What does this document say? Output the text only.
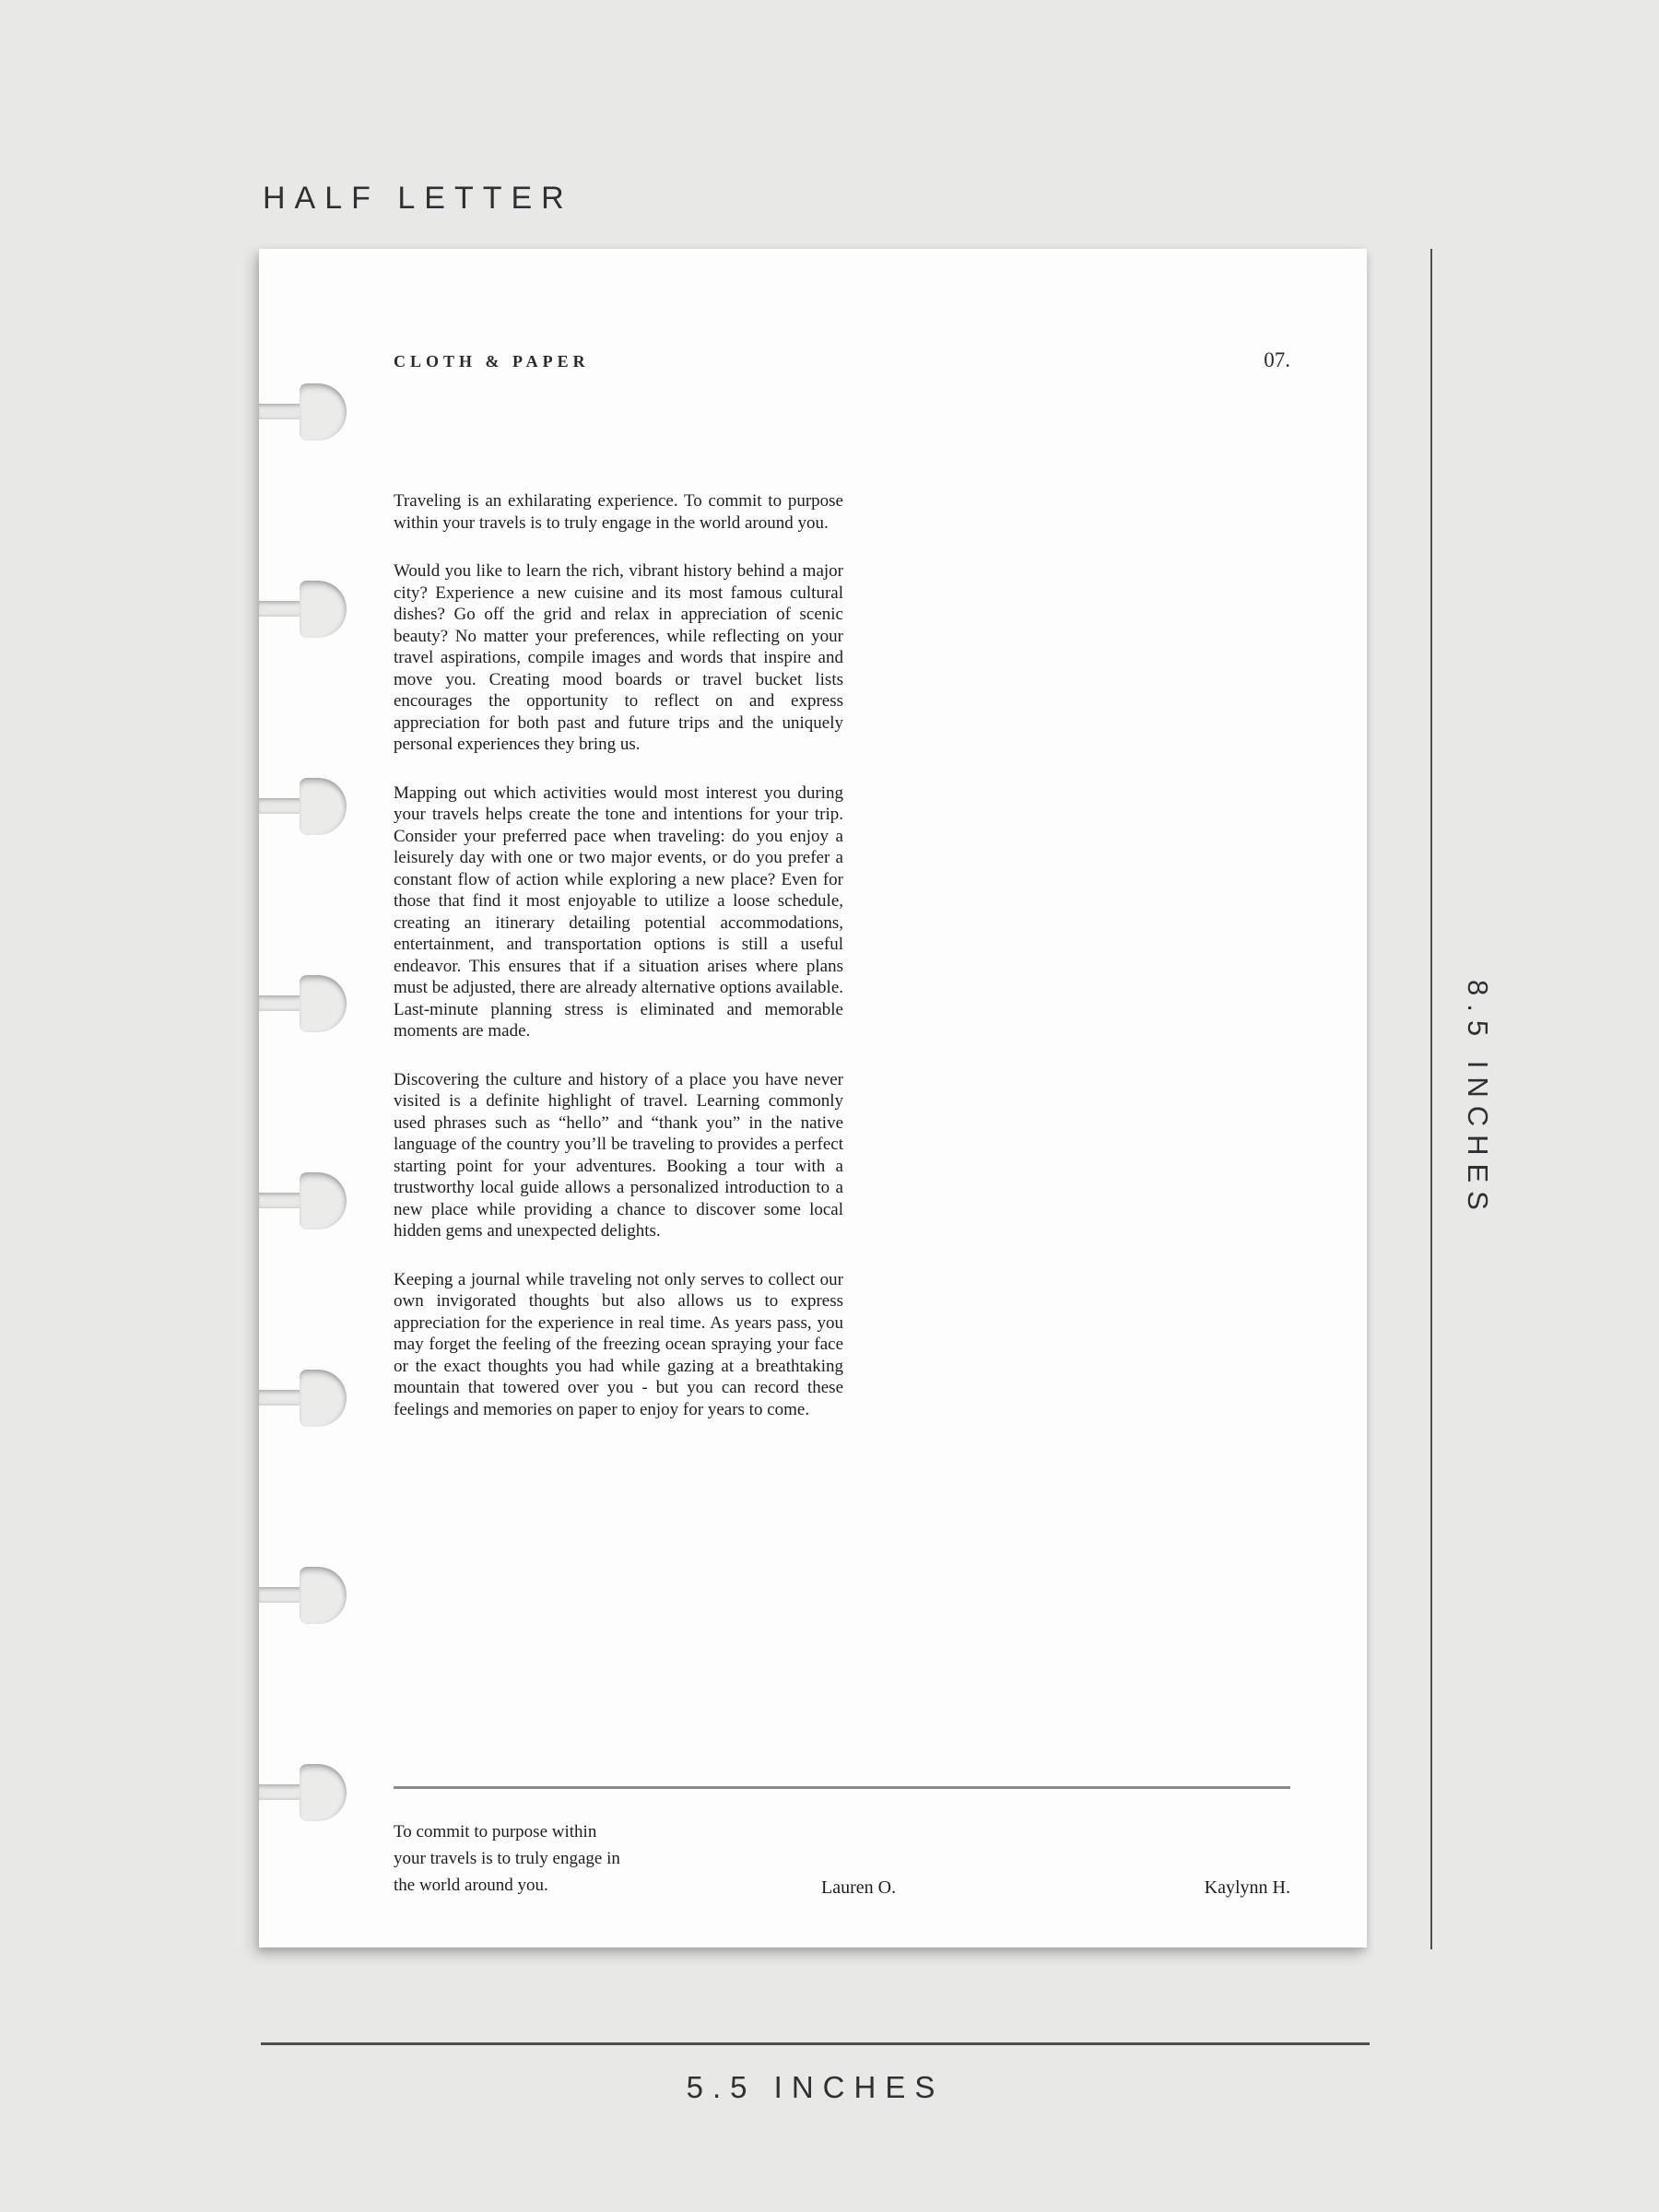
HALF LETTER
CLOTH & PAPER	07.

Traveling is an exhilarating experience. To commit to purpose within your travels is to truly engage in the world around you.

Would you like to learn the rich, vibrant history behind a major city? Experience a new cuisine and its most famous cultural dishes? Go off the grid and relax in appreciation of scenic beauty? No matter your preferences, while reflecting on your travel aspirations, compile images and words that inspire and move you. Creating mood boards or travel bucket lists encourages the opportunity to reflect on and express appreciation for both past and future trips and the uniquely personal experiences they bring us.

Mapping out which activities would most interest you during your travels helps create the tone and intentions for your trip. Consider your preferred pace when traveling: do you enjoy a leisurely day with one or two major events, or do you prefer a constant flow of action while exploring a new place? Even for those that find it most enjoyable to utilize a loose schedule, creating an itinerary detailing potential accommodations, entertainment, and transportation options is still a useful endeavor. This ensures that if a situation arises where plans must be adjusted, there are already alternative options available. Last-minute planning stress is eliminated and memorable moments are made.

Discovering the culture and history of a place you have never visited is a definite highlight of travel. Learning commonly used phrases such as “hello” and “thank you” in the native language of the country you’ll be traveling to provides a perfect starting point for your adventures. Booking a tour with a trustworthy local guide allows a personalized introduction to a new place while providing a chance to discover some local hidden gems and unexpected delights.

Keeping a journal while traveling not only serves to collect our own invigorated thoughts but also allows us to express appreciation for the experience in real time. As years pass, you may forget the feeling of the freezing ocean spraying your face or the exact thoughts you had while gazing at a breathtaking mountain that towered over you - but you can record these feelings and memories on paper to enjoy for years to come.

To commit to purpose within
your travels is to truly engage in
the world around you.	Lauren O.	Kaylynn H.
8.5 INCHES
5.5 INCHES
